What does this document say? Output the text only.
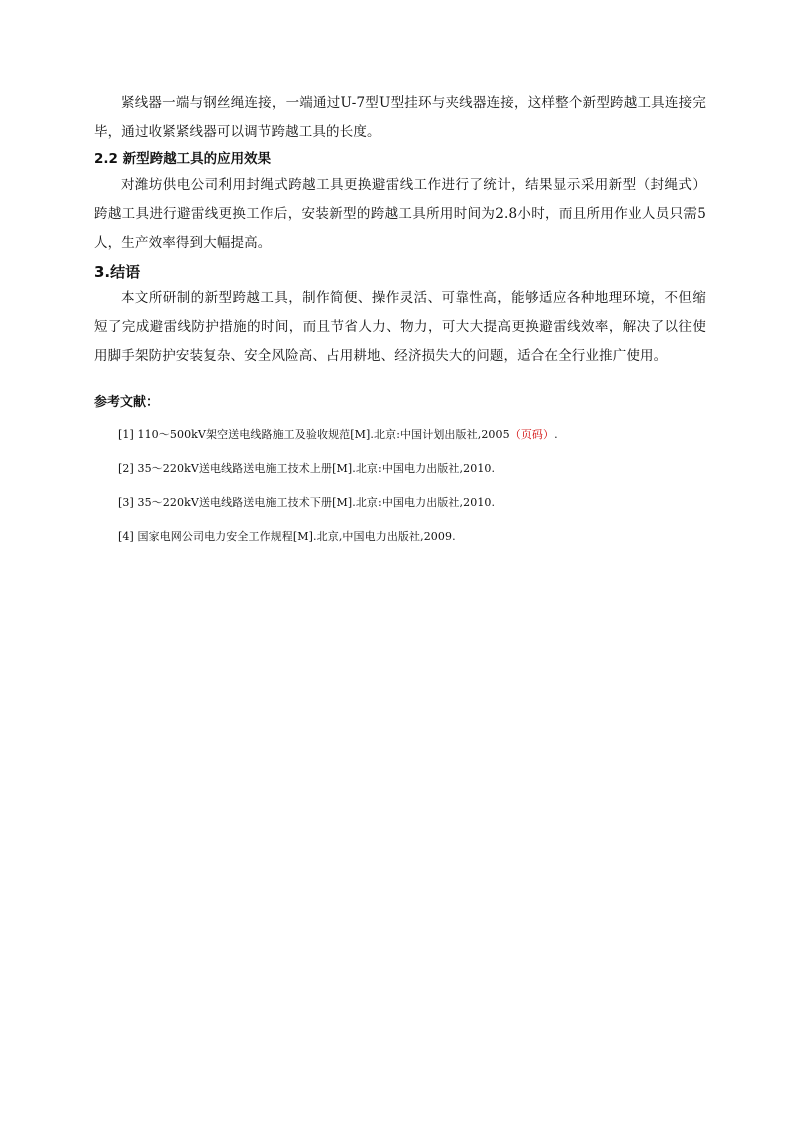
紧线器一端与钢丝绳连接，一端通过U-7型U型挂环与夹线器连接，这样整个新型跨越工具连接完毕，通过收紧紧线器可以调节跨越工具的长度。

2.2 新型跨越工具的应用效果

对潍坊供电公司利用封绳式跨越工具更换避雷线工作进行了统计，结果显示采用新型（封绳式）跨越工具进行避雷线更换工作后，安装新型的跨越工具所用时间为2.8小时，而且所用作业人员只需5人，生产效率得到大幅提高。

3.结语

本文所研制的新型跨越工具，制作简便、操作灵活、可靠性高，能够适应各种地理环境，不但缩短了完成避雷线防护措施的时间，而且节省人力、物力，可大大提高更换避雷线效率，解决了以往使用脚手架防护安装复杂、安全风险高、占用耕地、经济损失大的问题，适合在全行业推广使用。

参考文献：
[1] 110～500kV架空送电线路施工及验收规范[M].北京:中国计划出版社,2005（页码）.
[2] 35～220kV送电线路送电施工技术上册[M].北京:中国电力出版社,2010.
[3] 35～220kV送电线路送电施工技术下册[M].北京:中国电力出版社,2010.
[4] 国家电网公司电力安全工作规程[M].北京,中国电力出版社,2009.
